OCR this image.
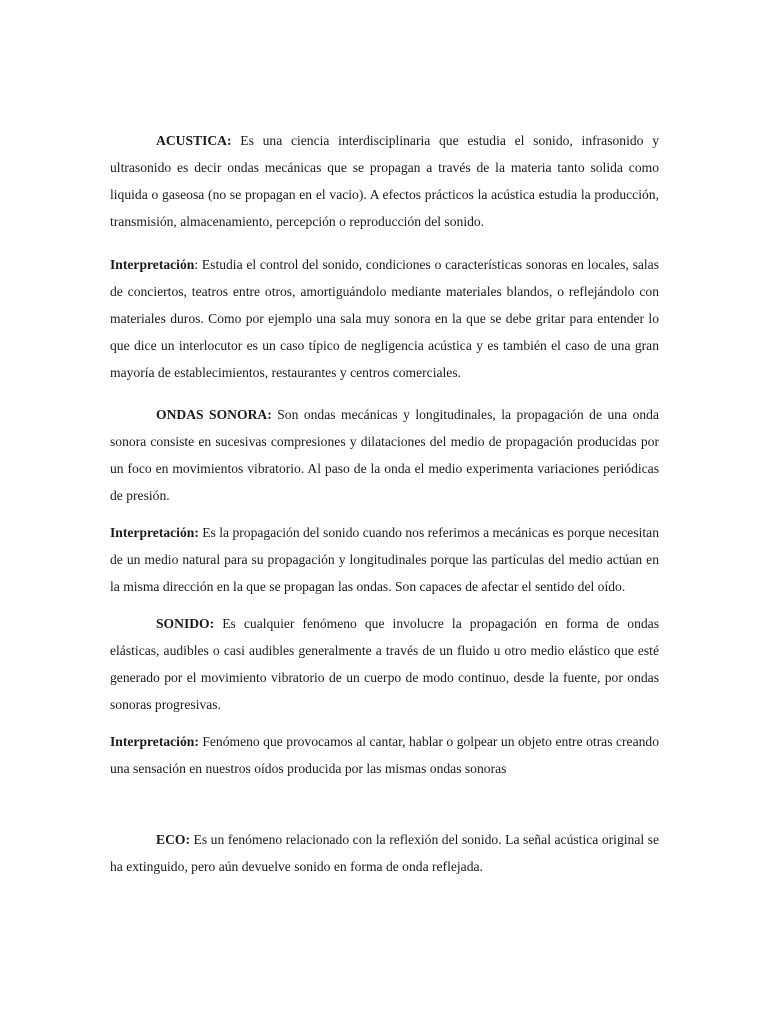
ACUSTICA: Es una ciencia interdisciplinaria que estudia el sonido, infrasonido y ultrasonido es decir ondas mecánicas que se propagan a través de la materia tanto solida como liquida o gaseosa (no se propagan en el vacio). A efectos prácticos la acústica estudia la producción, transmisión, almacenamiento, percepción o reproducción del sonido.

Interpretación: Estudia el control del sonido, condiciones o características sonoras en locales, salas de conciertos, teatros entre otros, amortiguándolo mediante materiales blandos, o reflejándolo con materiales duros. Como por ejemplo una sala muy sonora en la que se debe gritar para entender lo que dice un interlocutor es un caso típico de negligencia acústica y es también el caso de una gran mayoría de establecimientos, restaurantes y centros comerciales.

ONDAS SONORA: Son ondas mecánicas y longitudinales, la propagación de una onda sonora consiste en sucesivas compresiones y dilataciones del medio de propagación producidas por un foco en movimientos vibratorio. Al paso de la onda el medio experimenta variaciones periódicas de presión.

Interpretación: Es la propagación del sonido cuando nos referimos a mecánicas es porque necesitan de un medio natural para su propagación y longitudinales porque las partículas del medio actúan en la misma dirección en la que se propagan las ondas. Son capaces de afectar el sentido del oído.

SONIDO: Es cualquier fenómeno que involucre la propagación en forma de ondas elásticas, audibles o casi audibles generalmente a través de un fluido u otro medio elástico que esté generado por el movimiento vibratorio de un cuerpo de modo continuo, desde la fuente, por ondas sonoras progresivas.

Interpretación: Fenómeno que provocamos al cantar, hablar o golpear un objeto entre otras creando una sensación en nuestros oídos producida por las mismas ondas sonoras

ECO: Es un fenómeno relacionado con la reflexión del sonido. La señal acústica original se ha extinguido, pero aún devuelve sonido en forma de onda reflejada.
